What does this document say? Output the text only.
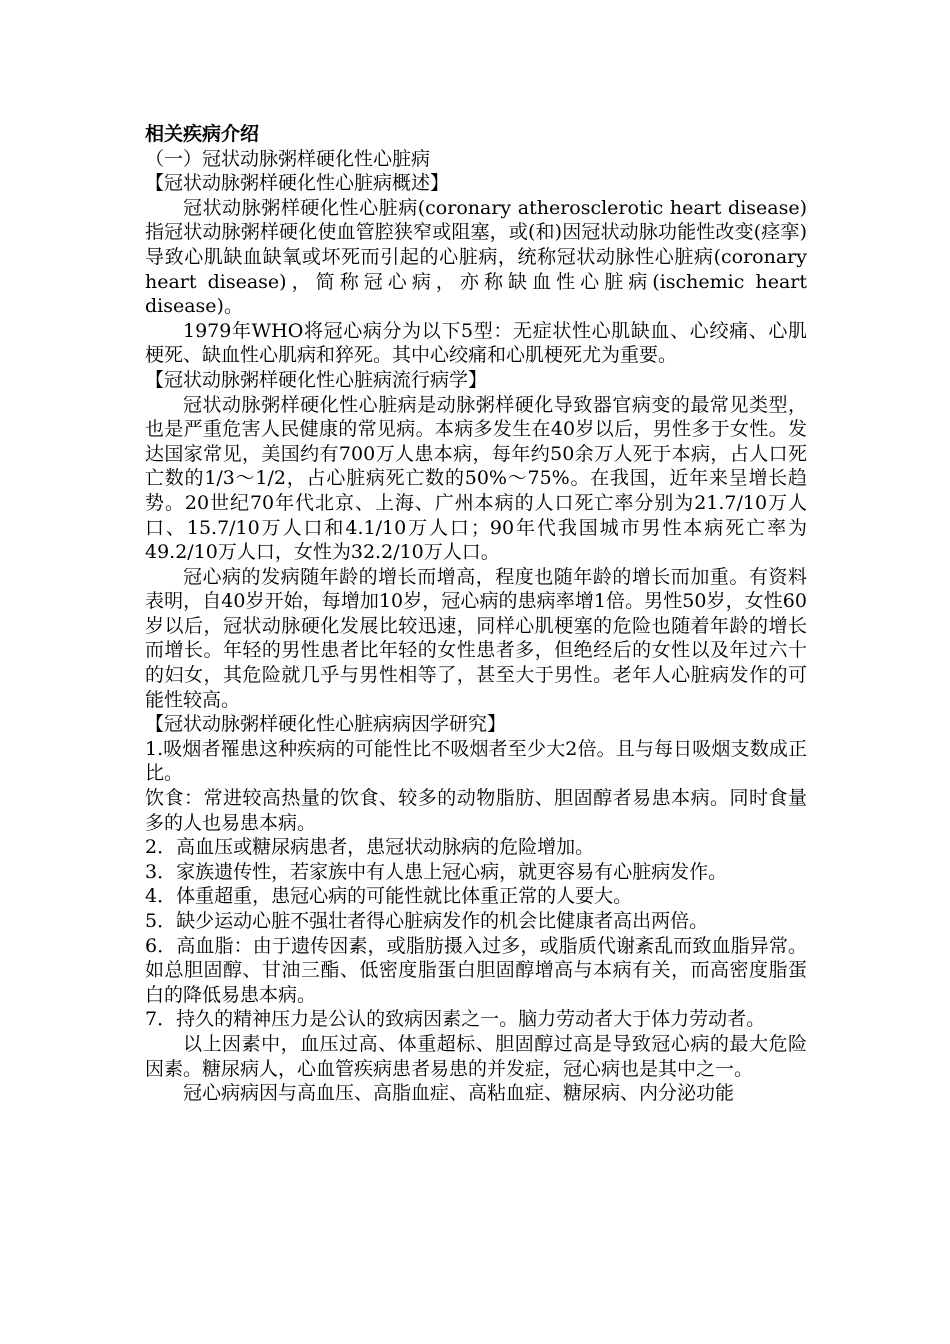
相关疾病介绍

（一）冠状动脉粥样硬化性心脏病

【冠状动脉粥样硬化性心脏病概述】

冠状动脉粥样硬化性心脏病(coronary atherosclerotic heart disease)指冠状动脉粥样硬化使血管腔狭窄或阻塞，或(和)因冠状动脉功能性改变(痉挛)导致心肌缺血缺氧或坏死而引起的心脏病，统称冠状动脉性心脏病(coronary heart disease)，简称冠心病，亦称缺血性心脏病(ischemic heart disease)。

1979年WHO将冠心病分为以下5型：无症状性心肌缺血、心绞痛、心肌梗死、缺血性心肌病和猝死。其中心绞痛和心肌梗死尤为重要。

【冠状动脉粥样硬化性心脏病流行病学】

冠状动脉粥样硬化性心脏病是动脉粥样硬化导致器官病变的最常见类型，也是严重危害人民健康的常见病。本病多发生在40岁以后，男性多于女性。发达国家常见，美国约有700万人患本病，每年约50余万人死于本病，占人口死亡数的1/3～1/2，占心脏病死亡数的50%～75%。在我国，近年来呈增长趋势。20世纪70年代北京、上海、广州本病的人口死亡率分别为21.7/10万人口、15.7/10万人口和4.1/10万人口；90年代我国城市男性本病死亡率为49.2/10万人口，女性为32.2/10万人口。

冠心病的发病随年龄的增长而增高，程度也随年龄的增长而加重。有资料表明，自40岁开始，每增加10岁，冠心病的患病率增1倍。男性50岁，女性60岁以后，冠状动脉硬化发展比较迅速，同样心肌梗塞的危险也随着年龄的增长而增长。年轻的男性患者比年轻的女性患者多，但绝经后的女性以及年过六十的妇女，其危险就几乎与男性相等了，甚至大于男性。老年人心脏病发作的可能性较高。

【冠状动脉粥样硬化性心脏病病因学研究】

1.吸烟者罹患这种疾病的可能性比不吸烟者至少大2倍。且与每日吸烟支数成正比。

饮食：常进较高热量的饮食、较多的动物脂肪、胆固醇者易患本病。同时食量多的人也易患本病。

2．高血压或糖尿病患者，患冠状动脉病的危险增加。

3．家族遗传性，若家族中有人患上冠心病，就更容易有心脏病发作。

4．体重超重，患冠心病的可能性就比体重正常的人要大。

5．缺少运动心脏不强壮者得心脏病发作的机会比健康者高出两倍。

6．高血脂：由于遗传因素，或脂肪摄入过多，或脂质代谢紊乱而致血脂异常。如总胆固醇、甘油三酯、低密度脂蛋白胆固醇增高与本病有关，而高密度脂蛋白的降低易患本病。

7．持久的精神压力是公认的致病因素之一。脑力劳动者大于体力劳动者。

以上因素中，血压过高、体重超标、胆固醇过高是导致冠心病的最大危险因素。糖尿病人，心血管疾病患者易患的并发症，冠心病也是其中之一。

冠心病病因与高血压、高脂血症、高粘血症、糖尿病、内分泌功能
